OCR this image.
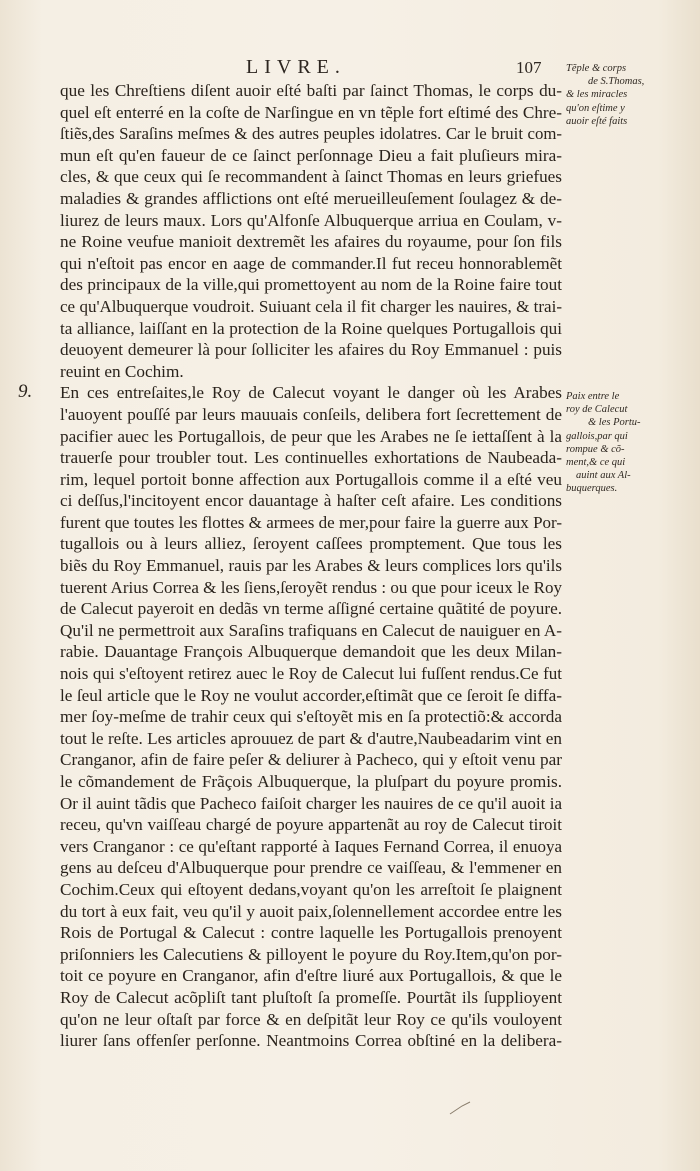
LIVRE.	107 Tẽple & corps
de S.Thomas,
& les miracles
qu'on eſtime y
auoir eſté faits
Paix entre le
roy de Calecut
& les Portu-
gallois,par qui
rompue & cõ-
ment,& ce qui
auint aux Al-
buquerques.
9.
que les Chreſtiens diſent auoir eſté baſti par ſainct Thomas, le corps du-
quel eſt enterré en la coſte de Narſingue en vn tẽple fort eſtimé des Chre-
ſtiẽs,des Saraſins meſmes & des autres peuples idolatres. Car le bruit com-
mun eſt qu'en faueur de ce ſainct perſonnage Dieu a fait pluſieurs mira-
cles, & que ceux qui ſe recommandent à ſainct Thomas en leurs griefues
maladies & grandes afflictions ont eſté merueilleuſement ſoulagez & de-
liurez de leurs maux. Lors qu'Alfonſe Albuquerque arriua en Coulam, v-
ne Roine veufue manioit dextremẽt les afaires du royaume, pour ſon fils
qui n'eſtoit pas encor en aage de commander.Il fut receu honnorablemẽt
des principaux de la ville,qui promettoyent au nom de la Roine faire tout
ce qu'Albuquerque voudroit. Suiuant cela il fit charger les nauires, & trai-
ta alliance, laiſſant en la protection de la Roine quelques Portugallois qui
deuoyent demeurer là pour ſolliciter les afaires du Roy Emmanuel : puis
reuint en Cochim.
En ces entreſaites,le Roy de Calecut voyant le danger où les Arabes
l'auoyent pouſſé par leurs mauuais conſeils, delibera fort ſecrettement de
pacifier auec les Portugallois, de peur que les Arabes ne ſe iettaſſent à la
trauerſe pour troubler tout. Les continuelles exhortations de Naubeada-
rim, lequel portoit bonne affection aux Portugallois comme il a eſté veu
ci deſſus,l'incitoyent encor dauantage à haſter ceſt afaire. Les conditions
furent que toutes les flottes & armees de mer,pour faire la guerre aux Por-
tugallois ou à leurs alliez, ſeroyent caſſees promptement. Que tous les
biẽs du Roy Emmanuel, rauis par les Arabes & leurs complices lors qu'ils
tuerent Arius Correa & les ſiens,ſeroyẽt rendus : ou que pour iceux le Roy
de Calecut payeroit en dedãs vn terme aſſigné certaine quãtité de poyure.
Qu'il ne permettroit aux Saraſins trafiquans en Calecut de nauiguer en A-
rabie. Dauantage François Albuquerque demandoit que les deux Milan-
nois qui s'eſtoyent retirez auec le Roy de Calecut lui fuſſent rendus.Ce fut
le ſeul article que le Roy ne voulut accorder,eſtimãt que ce ſeroit ſe diffa-
mer ſoy-meſme de trahir ceux qui s'eſtoyẽt mis en ſa protectiõ:& accorda
tout le reſte. Les articles aprouuez de part & d'autre,Naubeadarim vint en
Cranganor, afin de faire peſer & deliurer à Pacheco, qui y eſtoit venu par
le cõmandement de Frãçois Albuquerque, la pluſpart du poyure promis.
Or il auint tãdis que Pacheco faiſoit charger les nauires de ce qu'il auoit ia
receu, qu'vn vaiſſeau chargé de poyure appartenãt au roy de Calecut tiroit
vers Cranganor : ce qu'eſtant rapporté à Iaques Fernand Correa, il enuoya
gens au deſceu d'Albuquerque pour prendre ce vaiſſeau, & l'emmener en
Cochim.Ceux qui eſtoyent dedans,voyant qu'on les arreſtoit ſe plaignent
du tort à eux fait, veu qu'il y auoit paix,ſolennellement accordee entre les
Rois de Portugal & Calecut : contre laquelle les Portugallois prenoyent
priſonniers les Calecutiens & pilloyent le poyure du Roy.Item,qu'on por-
toit ce poyure en Cranganor, afin d'eſtre liuré aux Portugallois, & que le
Roy de Calecut acõpliſt tant pluſtoſt ſa promeſſe. Pourtãt ils ſupplioyent
qu'on ne leur oſtaſt par force & en deſpitãt leur Roy ce qu'ils vouloyent
liurer ſans offenſer perſonne. Neantmoins Correa obſtiné en la delibera-
